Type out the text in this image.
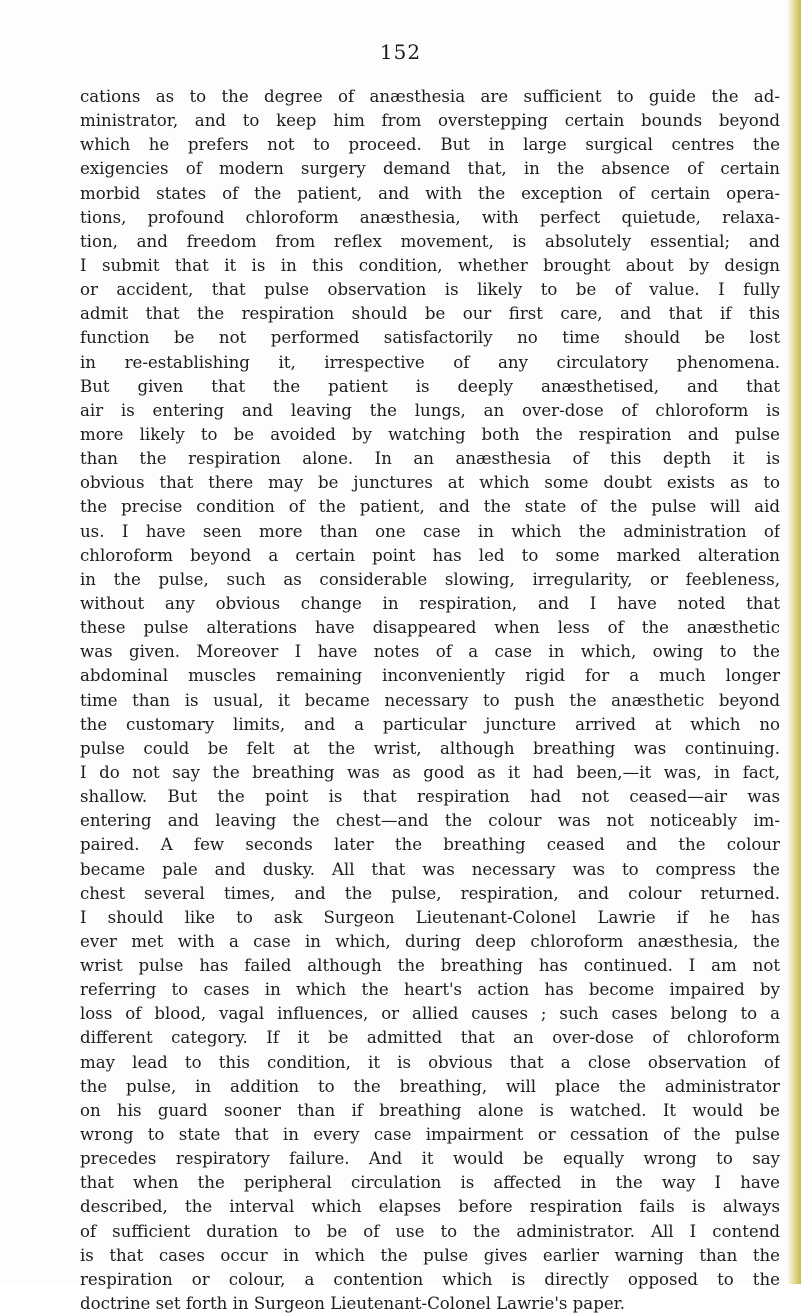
152
cations as to the degree of anæsthesia are sufficient to guide the ad-
ministrator, and to keep him from overstepping certain bounds beyond
which he prefers not to proceed. But in large surgical centres the
exigencies of modern surgery demand that, in the absence of certain
morbid states of the patient, and with the exception of certain opera-
tions, profound chloroform anæsthesia, with perfect quietude, relaxa-
tion, and freedom from reflex movement, is absolutely essential; and
I submit that it is in this condition, whether brought about by design
or accident, that pulse observation is likely to be of value. I fully
admit that the respiration should be our first care, and that if this
function be not performed satisfactorily no time should be lost
in re-establishing it, irrespective of any circulatory phenomena.
But given that the patient is deeply anæsthetised, and that
air is entering and leaving the lungs, an over-dose of chloroform is
more likely to be avoided by watching both the respiration and pulse
than the respiration alone. In an anæsthesia of this depth it is
obvious that there may be junctures at which some doubt exists as to
the precise condition of the patient, and the state of the pulse will aid
us. I have seen more than one case in which the administration of
chloroform beyond a certain point has led to some marked alteration
in the pulse, such as considerable slowing, irregularity, or feebleness,
without any obvious change in respiration, and I have noted that
these pulse alterations have disappeared when less of the anæsthetic
was given. Moreover I have notes of a case in which, owing to the
abdominal muscles remaining inconveniently rigid for a much longer
time than is usual, it became necessary to push the anæsthetic beyond
the customary limits, and a particular juncture arrived at which no
pulse could be felt at the wrist, although breathing was continuing.
I do not say the breathing was as good as it had been,—it was, in fact,
shallow. But the point is that respiration had not ceased—air was
entering and leaving the chest—and the colour was not noticeably im-
paired. A few seconds later the breathing ceased and the colour
became pale and dusky. All that was necessary was to compress the
chest several times, and the pulse, respiration, and colour returned.
I should like to ask Surgeon Lieutenant-Colonel Lawrie if he has
ever met with a case in which, during deep chloroform anæsthesia, the
wrist pulse has failed although the breathing has continued. I am not
referring to cases in which the heart's action has become impaired by
loss of blood, vagal influences, or allied causes ; such cases belong to a
different category. If it be admitted that an over-dose of chloroform
may lead to this condition, it is obvious that a close observation of
the pulse, in addition to the breathing, will place the administrator
on his guard sooner than if breathing alone is watched. It would be
wrong to state that in every case impairment or cessation of the pulse
precedes respiratory failure. And it would be equally wrong to say
that when the peripheral circulation is affected in the way I have
described, the interval which elapses before respiration fails is always
of sufficient duration to be of use to the administrator. All I contend
is that cases occur in which the pulse gives earlier warning than the
respiration or colour, a contention which is directly opposed to the
doctrine set forth in Surgeon Lieutenant-Colonel Lawrie's paper.
